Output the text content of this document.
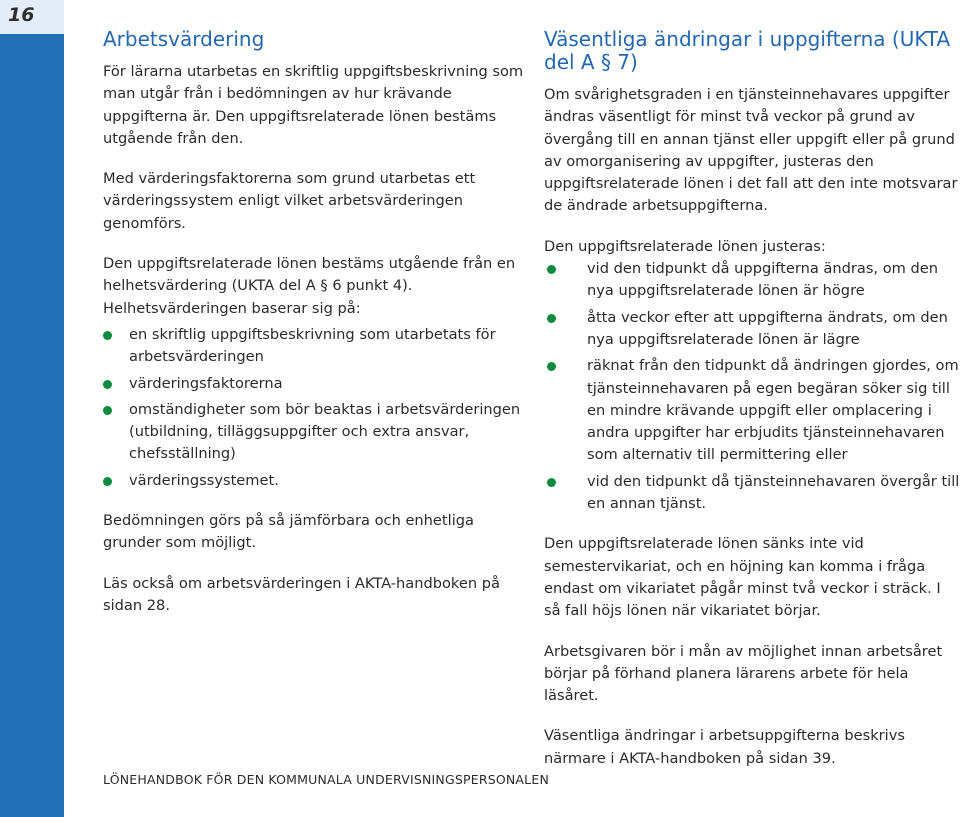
16
Arbetsvärdering

För lärarna utarbetas en skriftlig uppgiftsbeskrivning som man utgår från i bedömningen av hur krävande uppgifterna är. Den uppgiftsrelaterade lönen bestäms utgående från den.

Med värderingsfaktorerna som grund utarbetas ett värderingssystem enligt vilket arbetsvärderingen genomförs.

Den uppgiftsrelaterade lönen bestäms utgående från en helhetsvärdering (UKTA del A § 6 punkt 4). Helhetsvärderingen baserar sig på:

en skriftlig uppgiftsbeskrivning som utarbetats för arbetsvärderingen
värderingsfaktorerna
omständigheter som bör beaktas i arbetsvärderingen (utbildning, tilläggsuppgifter och extra ansvar, chefsställning)
värderingssystemet.

Bedömningen görs på så jämförbara och enhetliga grunder som möjligt.

Läs också om arbetsvärderingen i AKTA-handboken på sidan 28.

Väsentliga ändringar i uppgifterna (UKTA del A § 7)

Om svårighetsgraden i en tjänsteinnehavares uppgifter ändras väsentligt för minst två veckor på grund av övergång till en annan tjänst eller uppgift eller på grund av omorganisering av uppgifter, justeras den uppgiftsrelaterade lönen i det fall att den inte motsvarar de ändrade arbetsuppgifterna.

Den uppgiftsrelaterade lönen justeras:

vid den tidpunkt då uppgifterna ändras, om den nya uppgiftsrelaterade lönen är högre
åtta veckor efter att uppgifterna ändrats, om den nya uppgiftsrelaterade lönen är lägre
räknat från den tidpunkt då ändringen gjordes, om tjänsteinnehavaren på egen begäran söker sig till en mindre krävande uppgift eller omplacering i andra uppgifter har erbjudits tjänsteinnehavaren som alternativ till permittering eller
vid den tidpunkt då tjänsteinnehavaren övergår till en annan tjänst.

Den uppgiftsrelaterade lönen sänks inte vid semestervikariat, och en höjning kan komma i fråga endast om vikariatet pågår minst två veckor i sträck. I så fall höjs lönen när vikariatet börjar.

Arbetsgivaren bör i mån av möjlighet innan arbetsåret börjar på förhand planera lärarens arbete för hela läsåret.

Väsentliga ändringar i arbetsuppgifterna beskrivs närmare i AKTA-handboken på sidan 39.

LÖNEHANDBOK FÖR DEN KOMMUNALA UNDERVISNINGSPERSONALEN
